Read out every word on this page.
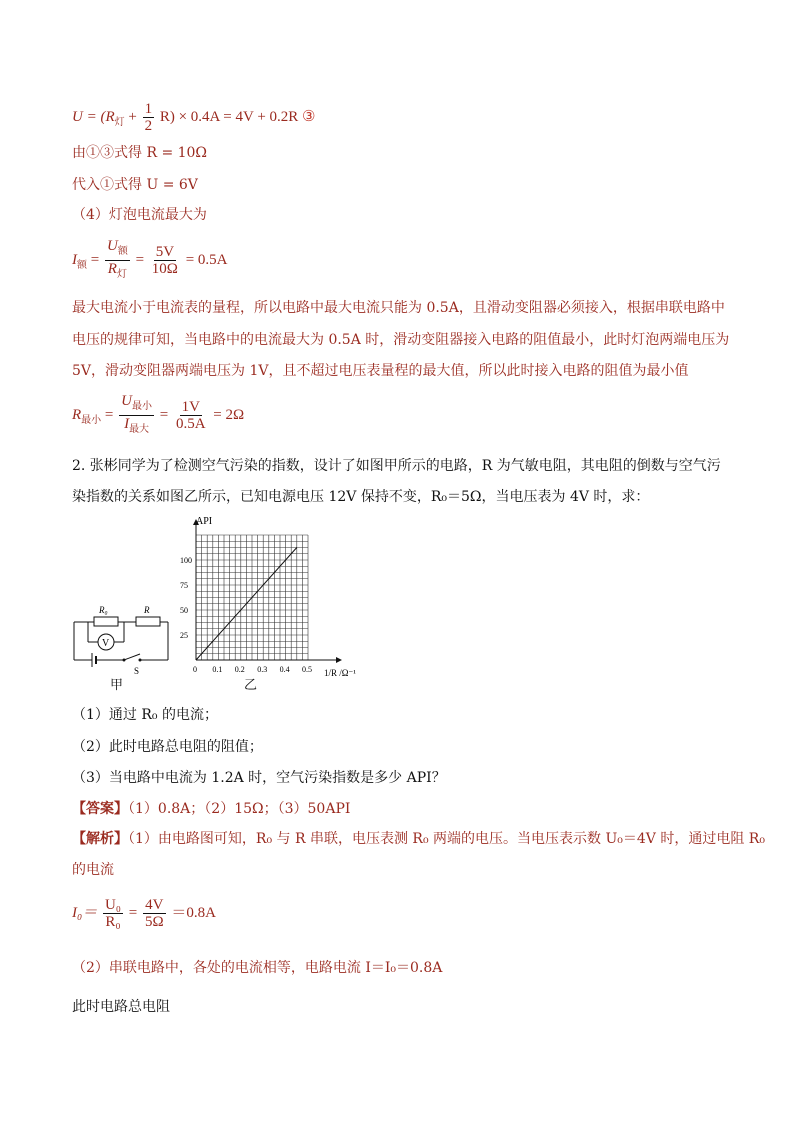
$U = (R_灯 + \frac{1}{2} R) \times 0.4A = 4V + 0.2R$ ③
由①③式得 R = 10Ω
代入①式得 U = 6V
（4）灯泡电流最大为
$I_额 = \frac{U_额}{R_灯} = \frac{5V}{10\Omega} = 0.5A$
最大电流小于电流表的量程，所以电路中最大电流只能为 0.5A，且滑动变阻器必须接入，根据串联电路中
电压的规律可知，当电路中的电流最大为 0.5A 时，滑动变阻器接入电路的阻值最小，此时灯泡两端电压为
5V，滑动变阻器两端电压为 1V，且不超过电压表量程的最大值，所以此时接入电路的阻值为最小值
$R_{最小} = \frac{U_{最小}}{I_{最大}} = \frac{1V}{0.5A} = 2\Omega$
2. 张彬同学为了检测空气污染的指数，设计了如图甲所示的电路，R 为气敏电阻，其电阻的倒数与空气污
染指数的关系如图乙所示，已知电源电压 12V 保持不变，R₀＝5Ω，当电压表为 4V 时，求：
R₀	R
V
S
甲
0 0.1 0.2 0.3 0.4 0.5
25
50
75
100
API
1/R /Ω⁻¹
乙
（1）通过 R₀ 的电流；
（2）此时电路总电阻的阻值；
（3）当电路中电流为 1.2A 时，空气污染指数是多少 API？
【答案】（1）0.8A；（2）15Ω；（3）50API
【解析】（1）由电路图可知，R₀ 与 R 串联，电压表测 R₀ 两端的电压。当电压表示数 U₀＝4V 时，通过电阻 R₀
的电流
$I_0= \frac{\text{U₀}}{\text{R₀}} = \frac{4V}{5\Omega} =0.8A$
（2）串联电路中，各处的电流相等，电路电流 I＝I₀＝0.8A
此时电路总电阻
